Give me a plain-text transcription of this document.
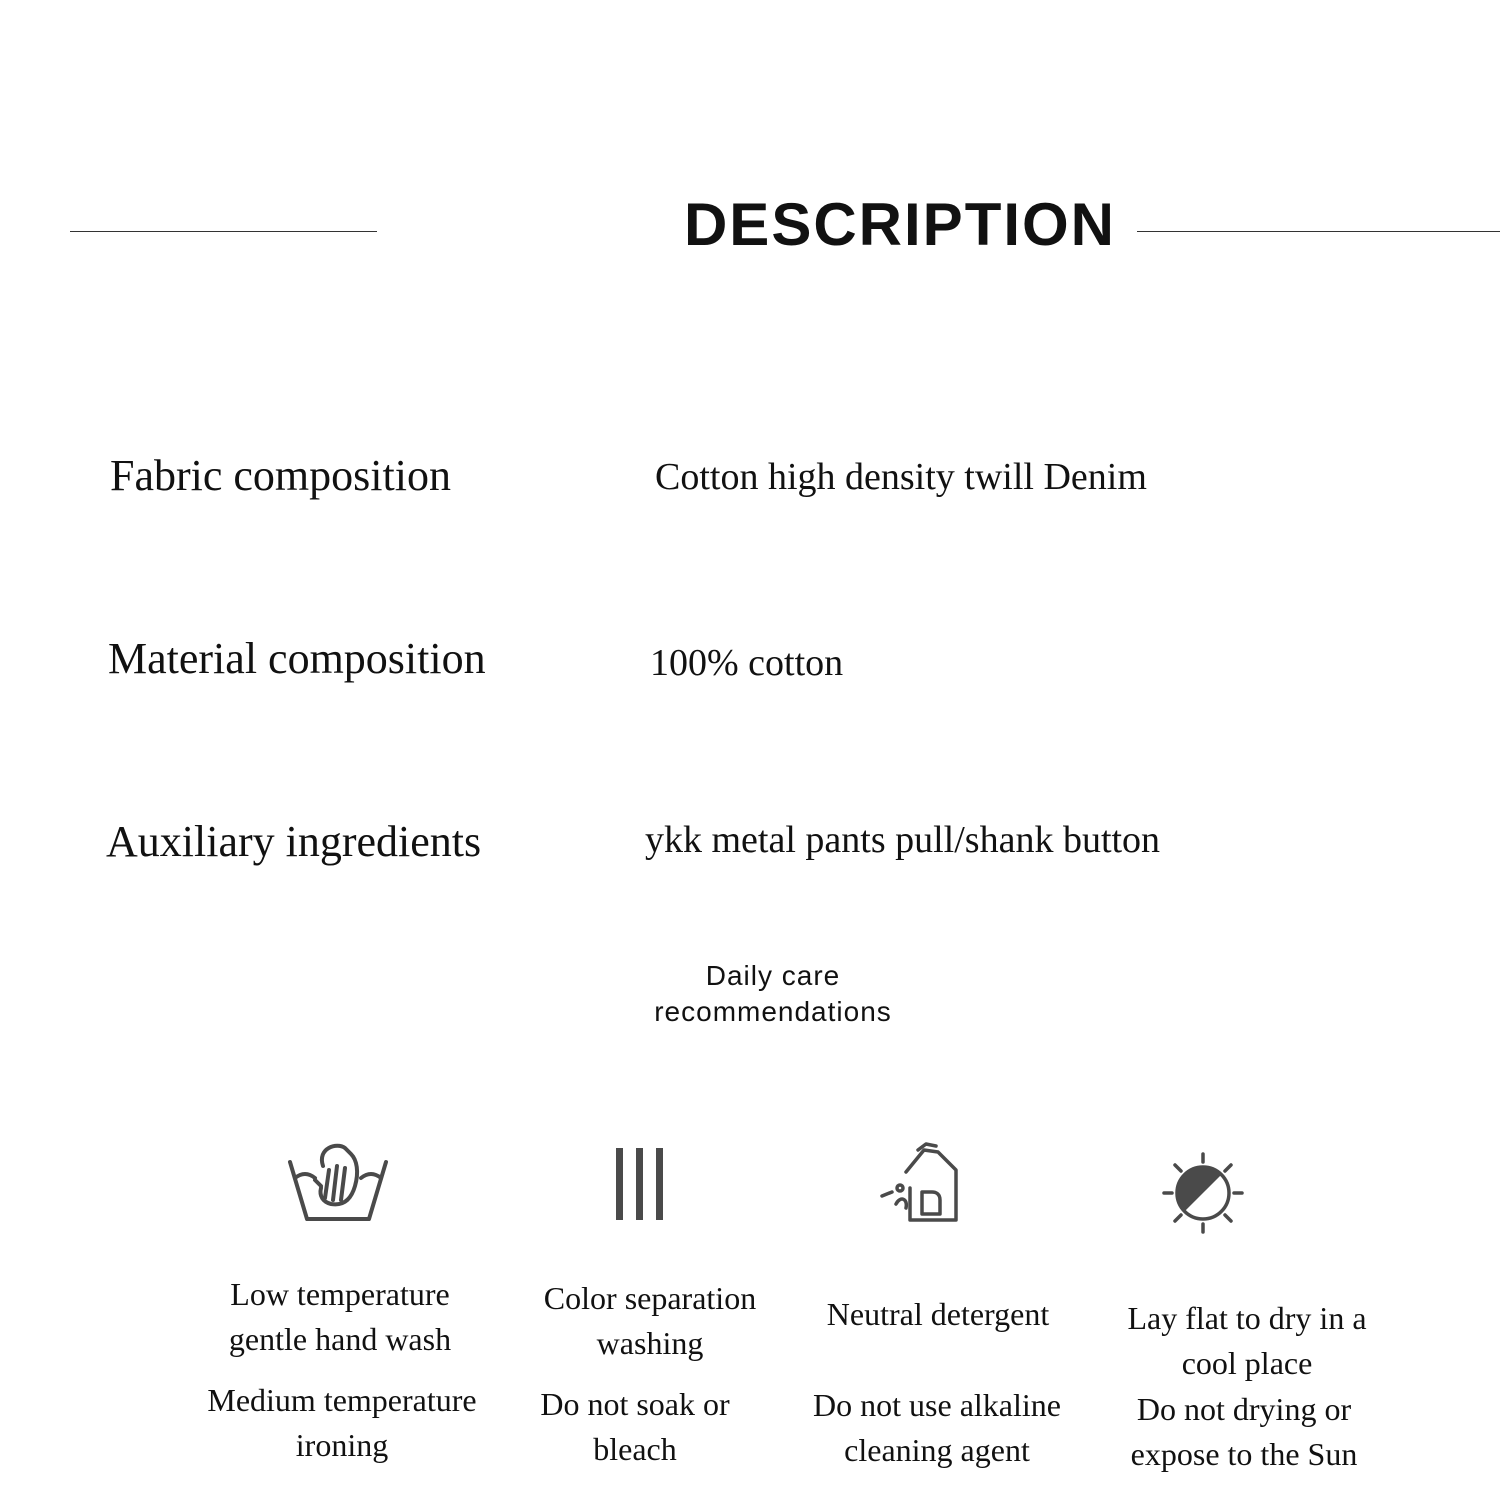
DESCRIPTION
Fabric composition	Cotton high density twill Denim
Material composition	100% cotton
Auxiliary ingredients	ykk metal pants pull/shank button
Daily care recommendations
Low temperature gentle hand wash
Medium temperature ironing
Color separation washing
Do not soak or bleach
Neutral detergent
Do not use alkaline cleaning agent
Lay flat to dry in a cool place
Do not drying or expose to the Sun
